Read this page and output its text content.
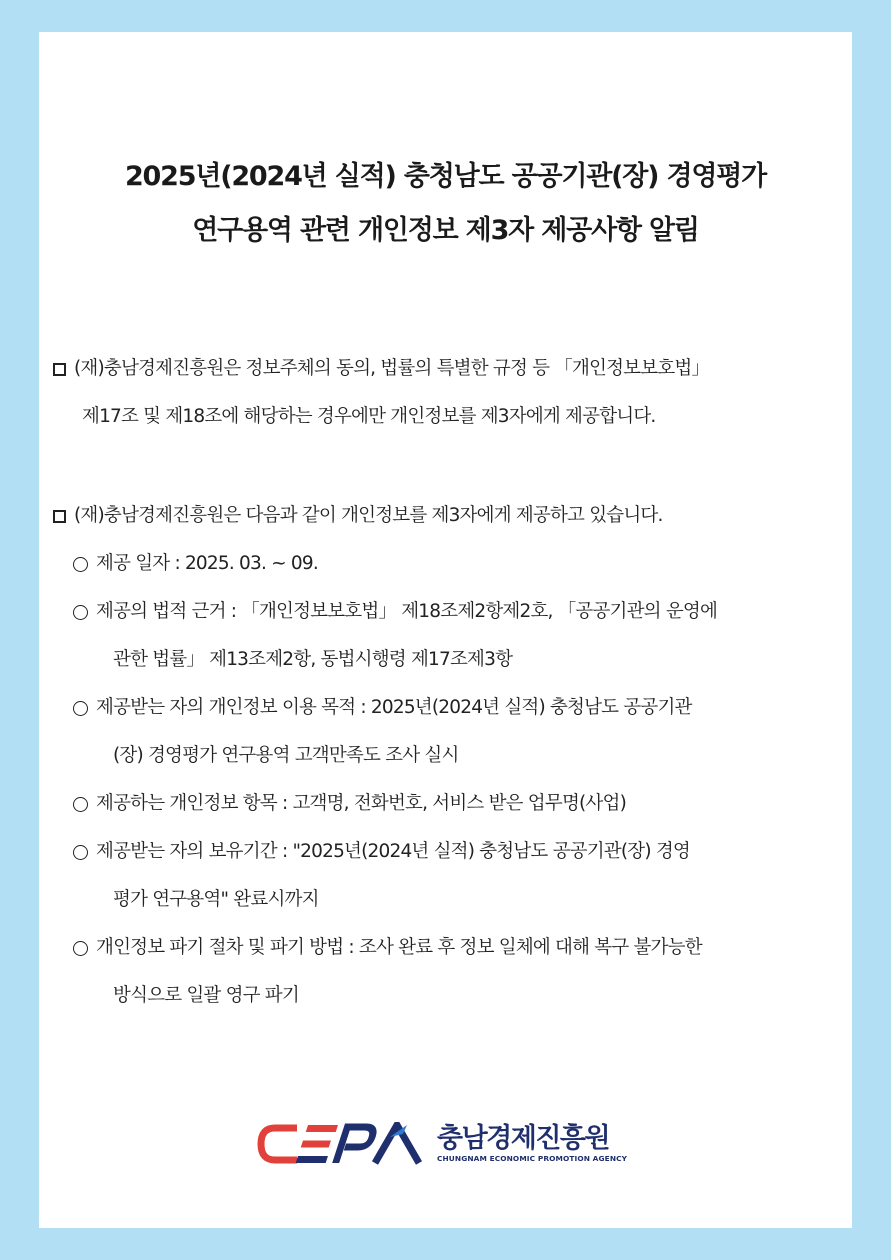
2025년(2024년 실적) 충청남도 공공기관(장) 경영평가
연구용역 관련 개인정보 제3자 제공사항 알림
(재)충남경제진흥원은 정보주체의 동의, 법률의 특별한 규정 등 「개인정보보호법」
제17조 및 제18조에 해당하는 경우에만 개인정보를 제3자에게 제공합니다.
(재)충남경제진흥원은 다음과 같이 개인정보를 제3자에게 제공하고 있습니다.
제공 일자 : 2025. 03. ~ 09.
제공의 법적 근거 : 「개인정보보호법」 제18조제2항제2호, 「공공기관의 운영에
관한 법률」 제13조제2항, 동법시행령 제17조제3항
제공받는 자의 개인정보 이용 목적 : 2025년(2024년 실적) 충청남도 공공기관
(장) 경영평가 연구용역 고객만족도 조사 실시
제공하는 개인정보 항목 : 고객명, 전화번호, 서비스 받은 업무명(사업)
제공받는 자의 보유기간 : "2025년(2024년 실적) 충청남도 공공기관(장) 경영
평가 연구용역" 완료시까지
개인정보 파기 절차 및 파기 방법 : 조사 완료 후 정보 일체에 대해 복구 불가능한
방식으로 일괄 영구 파기
충남경제진흥원
CHUNGNAM ECONOMIC PROMOTION AGENCY
